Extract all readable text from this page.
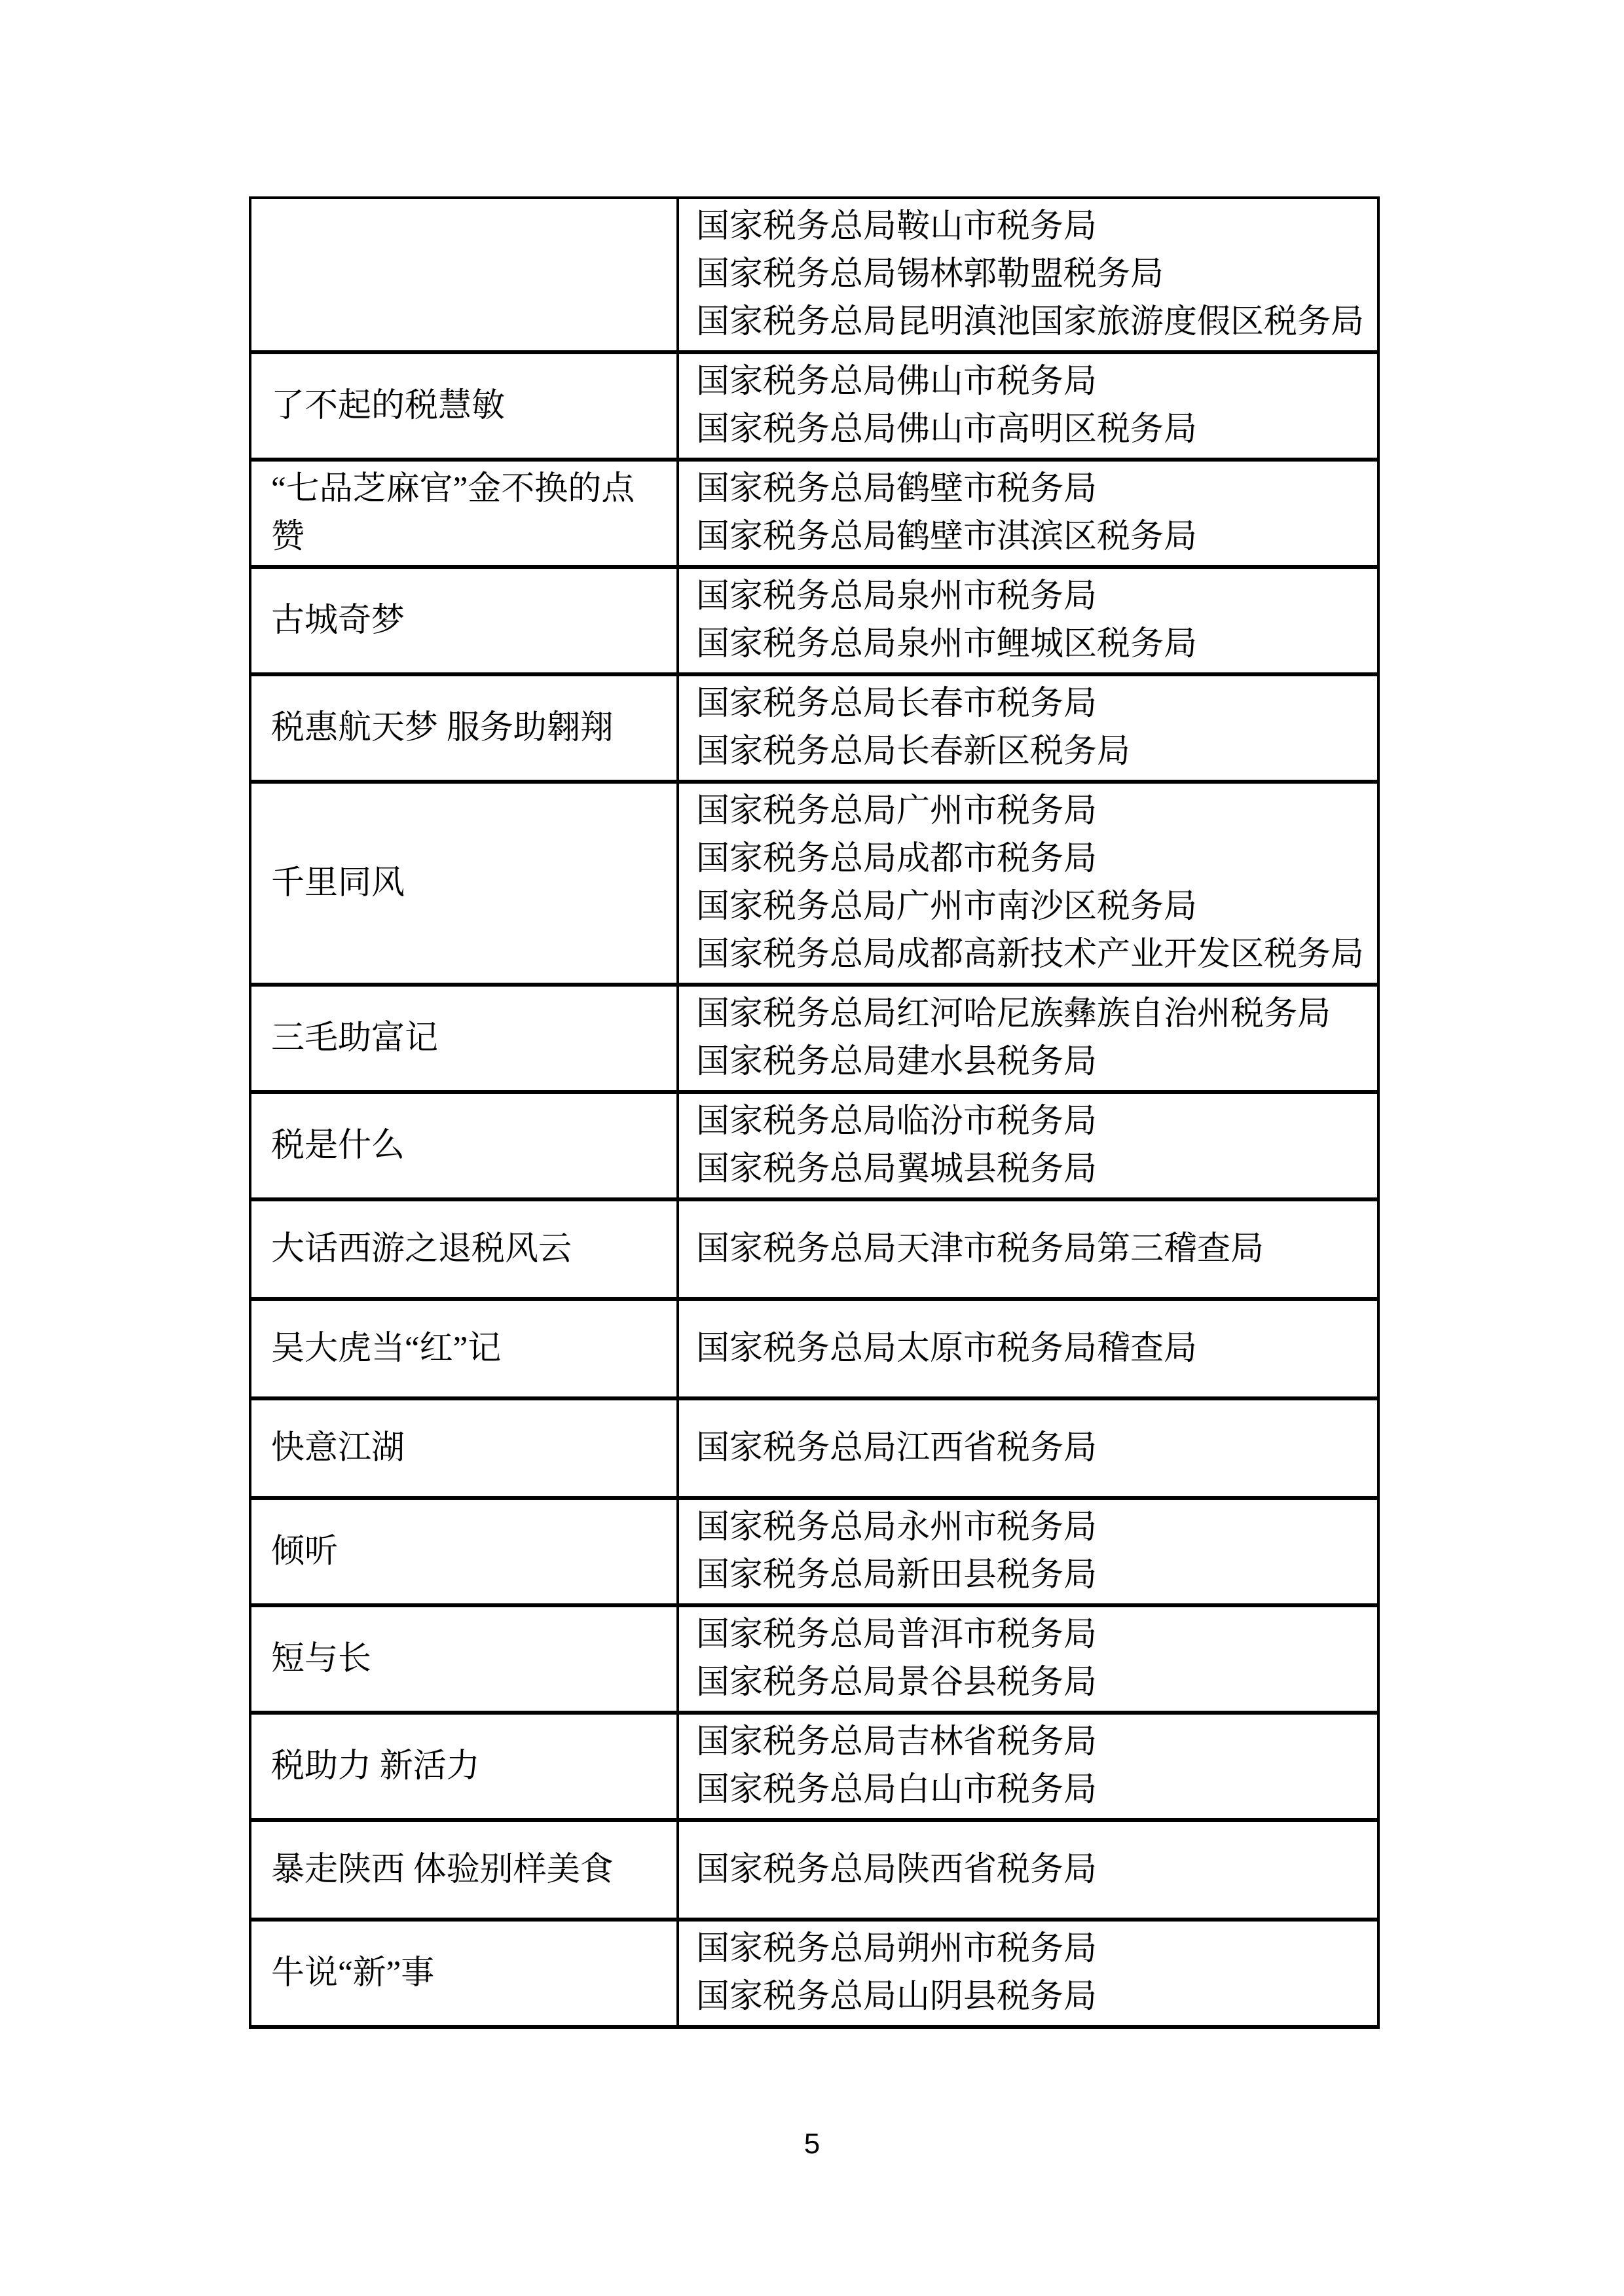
	国家税务总局鞍山市税务局
国家税务总局锡林郭勒盟税务局
国家税务总局昆明滇池国家旅游度假区税务局

了不起的税慧敏	国家税务总局佛山市税务局
国家税务总局佛山市高明区税务局

“七品芝麻官”金不换的点赞	国家税务总局鹤壁市税务局
国家税务总局鹤壁市淇滨区税务局

古城奇梦	国家税务总局泉州市税务局
国家税务总局泉州市鲤城区税务局

税惠航天梦 服务助翱翔	国家税务总局长春市税务局
国家税务总局长春新区税务局

千里同风	国家税务总局广州市税务局
国家税务总局成都市税务局
国家税务总局广州市南沙区税务局
国家税务总局成都高新技术产业开发区税务局

三毛助富记	国家税务总局红河哈尼族彝族自治州税务局
国家税务总局建水县税务局

税是什么	国家税务总局临汾市税务局
国家税务总局翼城县税务局

大话西游之退税风云	国家税务总局天津市税务局第三稽查局

吴大虎当“红”记	国家税务总局太原市税务局稽查局

快意江湖	国家税务总局江西省税务局

倾听	国家税务总局永州市税务局
国家税务总局新田县税务局

短与长	国家税务总局普洱市税务局
国家税务总局景谷县税务局

税助力 新活力	国家税务总局吉林省税务局
国家税务总局白山市税务局

暴走陕西 体验别样美食	国家税务总局陕西省税务局

牛说“新”事	国家税务总局朔州市税务局
国家税务总局山阴县税务局
5
